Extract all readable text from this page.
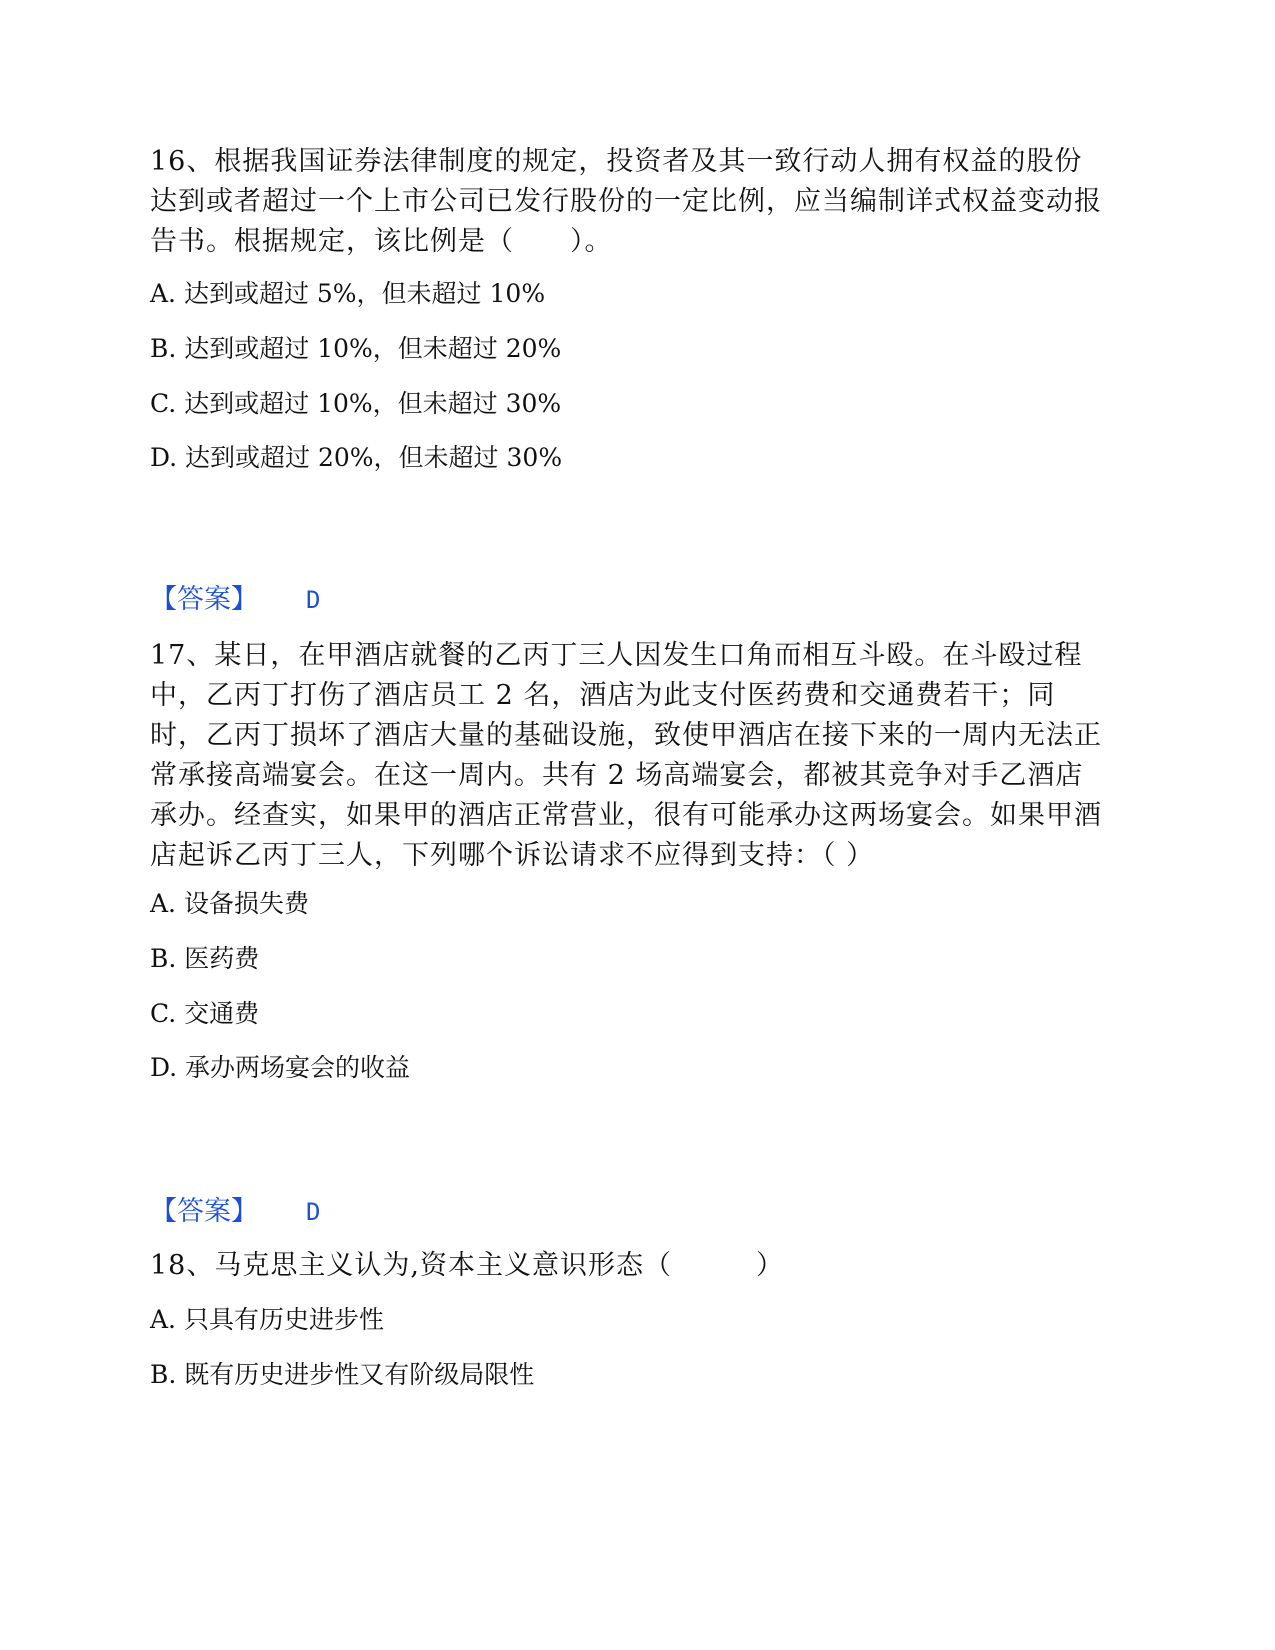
16、根据我国证券法律制度的规定，投资者及其一致行动人拥有权益的股份达到或者超过一个上市公司已发行股份的一定比例，应当编制详式权益变动报告书。根据规定，该比例是（　　）。

A. 达到或超过 5%，但未超过 10%

B. 达到或超过 10%，但未超过 20%

C. 达到或超过 10%，但未超过 30%

D. 达到或超过 20%，但未超过 30%

【答案】 D

17、某日，在甲酒店就餐的乙丙丁三人因发生口角而相互斗殴。在斗殴过程中，乙丙丁打伤了酒店员工 2 名，酒店为此支付医药费和交通费若干；同时，乙丙丁损坏了酒店大量的基础设施，致使甲酒店在接下来的一周内无法正常承接高端宴会。在这一周内。共有 2 场高端宴会，都被其竞争对手乙酒店承办。经查实，如果甲的酒店正常营业，很有可能承办这两场宴会。如果甲酒店起诉乙丙丁三人，下列哪个诉讼请求不应得到支持：（ ）

A. 设备损失费

B. 医药费

C. 交通费

D. 承办两场宴会的收益

【答案】 D

18、马克思主义认为,资本主义意识形态（　　　）

A. 只具有历史进步性

B. 既有历史进步性又有阶级局限性
